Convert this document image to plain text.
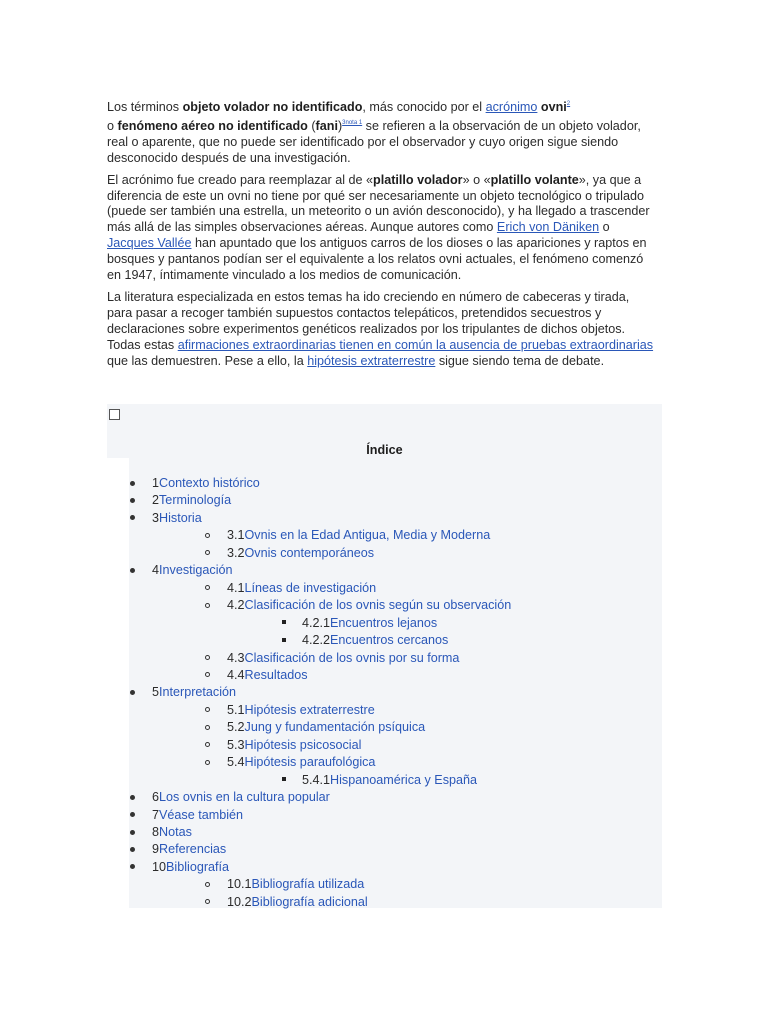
Los términos objeto volador no identificado, más conocido por el acrónimo ovni$^2$
o fenómeno aéreo no identificado (fani)$^{3nota 1}$ se refieren a la observación de un objeto volador, real o aparente, que no puede ser identificado por el observador y cuyo origen sigue siendo desconocido después de una investigación.

El acrónimo fue creado para reemplazar al de «platillo volador» o «platillo volante», ya que a diferencia de este un ovni no tiene por qué ser necesariamente un objeto tecnológico o tripulado (puede ser también una estrella, un meteorito o un avión desconocido), y ha llegado a trascender más allá de las simples observaciones aéreas. Aunque autores como Erich von Däniken o Jacques Vallée han apuntado que los antiguos carros de los dioses o las apariciones y raptos en bosques y pantanos podían ser el equivalente a los relatos ovni actuales, el fenómeno comenzó en 1947, íntimamente vinculado a los medios de comunicación.

La literatura especializada en estos temas ha ido creciendo en número de cabeceras y tirada, para pasar a recoger también supuestos contactos telepáticos, pretendidos secuestros y declaraciones sobre experimentos genéticos realizados por los tripulantes de dichos objetos. Todas estas afirmaciones extraordinarias tienen en común la ausencia de pruebas extraordinarias que las demuestren. Pese a ello, la hipótesis extraterrestre sigue siendo tema de debate.

Índice
1Contexto histórico
2Terminología
3Historia
3.1Ovnis en la Edad Antigua, Media y Moderna
3.2Ovnis contemporáneos
4Investigación
4.1Líneas de investigación
4.2Clasificación de los ovnis según su observación
4.2.1Encuentros lejanos
4.2.2Encuentros cercanos
4.3Clasificación de los ovnis por su forma
4.4Resultados
5Interpretación
5.1Hipótesis extraterrestre
5.2Jung y fundamentación psíquica
5.3Hipótesis psicosocial
5.4Hipótesis paraufológica
5.4.1Hispanoamérica y España
6Los ovnis en la cultura popular
7Véase también
8Notas
9Referencias
10Bibliografía
10.1Bibliografía utilizada
10.2Bibliografía adicional
